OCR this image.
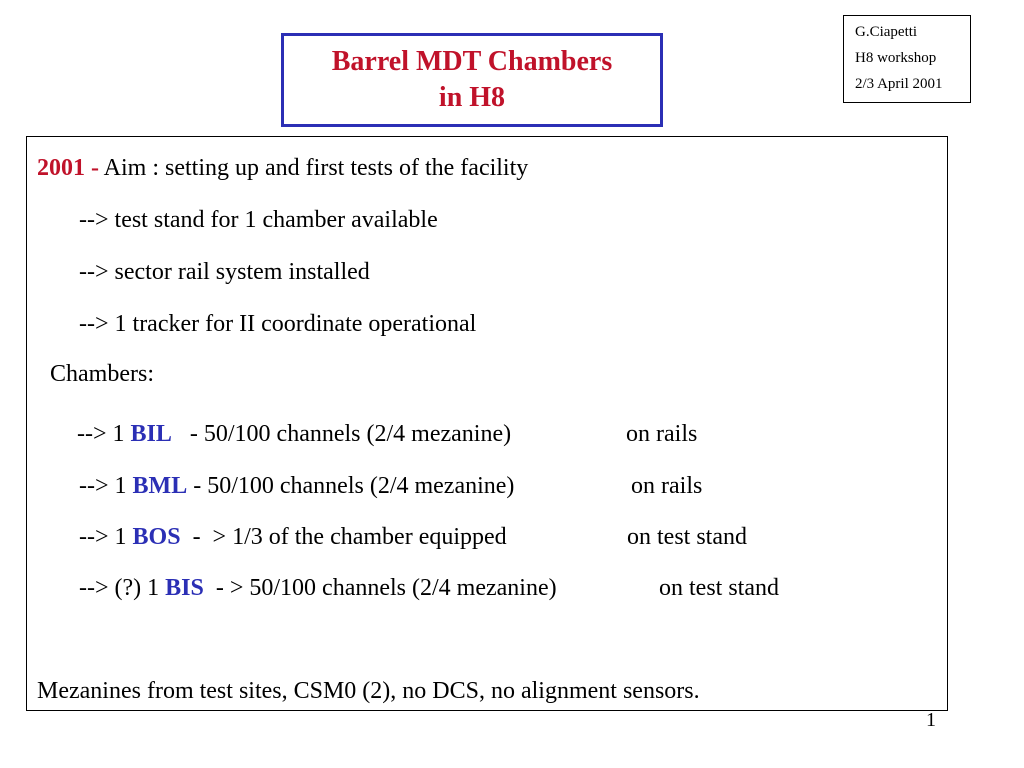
Barrel MDT Chambers
in H8
G.Ciapetti
H8 workshop
2/3 April 2001
2001 - Aim : setting up and first tests of the facility
--> test stand for 1 chamber available
--> sector rail system installed
--> 1 tracker for II coordinate operational
Chambers:
--> 1 BIL   - 50/100 channels (2/4 mezanine)	on rails
--> 1 BML - 50/100 channels (2/4 mezanine)	on rails
--> 1 BOS  -  > 1/3 of the chamber equipped	on test stand
--> (?) 1 BIS  - > 50/100 channels (2/4 mezanine)	on test stand
Mezanines from test sites, CSM0 (2), no DCS, no alignment sensors.
1
